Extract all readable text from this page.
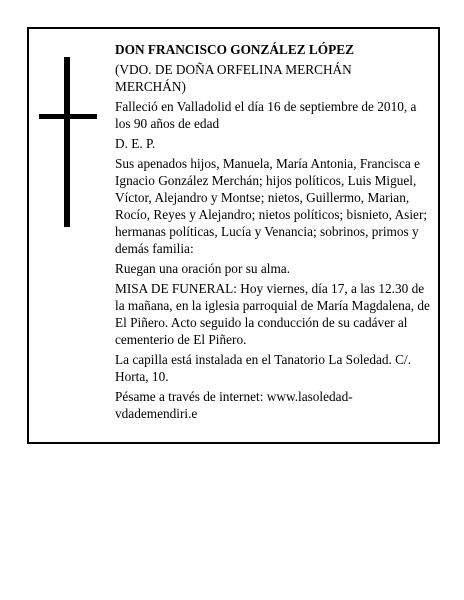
DON FRANCISCO GONZÁLEZ LÓPEZ

(VDO. DE DOÑA ORFELINA MERCHÁN
MERCHÁN)

Falleció en Valladolid el día 16 de septiembre de 2010, a los 90 años de edad

D. E. P.

Sus apenados hijos, Manuela, María Antonia, Francisca e Ignacio González Merchán; hijos políticos, Luis Miguel, Víctor, Alejandro y Montse; nietos, Guillermo, Marian, Rocío, Reyes y Alejandro; nietos políticos; bisnieto, Asier; hermanas políticas, Lucía y Venancia; sobrinos, primos y demás familia:

Ruegan una oración por su alma.

MISA DE FUNERAL: Hoy viernes, día 17, a las 12.30 de la mañana, en la iglesia parroquial de María Magdalena, de El Piñero. Acto seguido la conducción de su cadáver al cementerio de El Piñero.

La capilla está instalada en el Tanatorio La Soledad. C/. Horta, 10.

Pésame a través de internet: www.lasoledad-
vdademendiri.e
